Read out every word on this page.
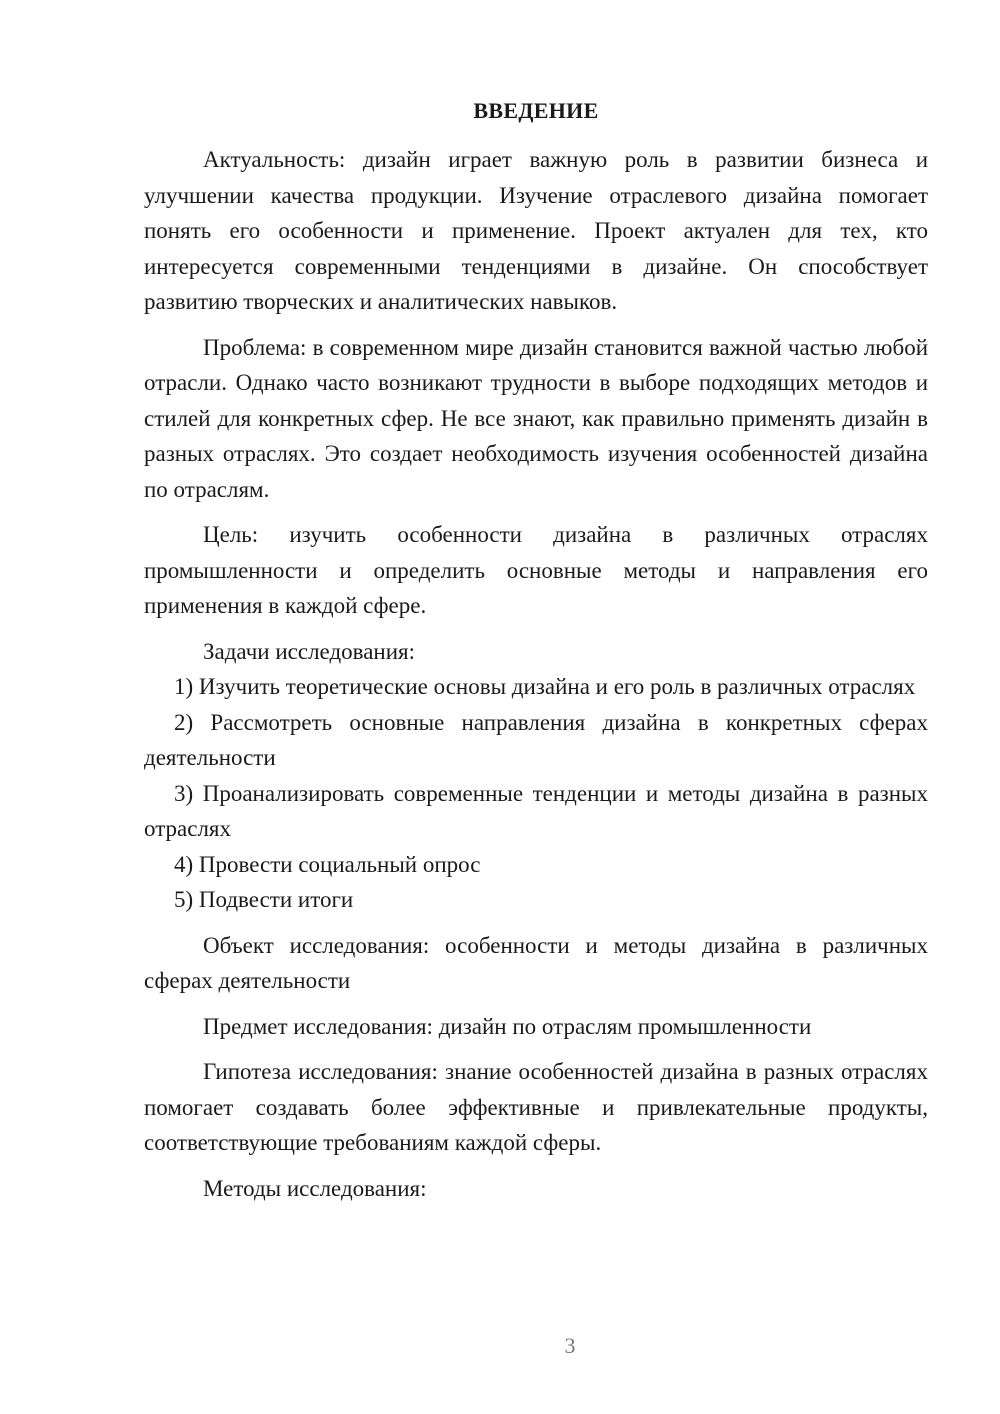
ВВЕДЕНИЕ

Актуальность: дизайн играет важную роль в развитии бизнеса и улучшении качества продукции. Изучение отраслевого дизайна помогает понять его особенности и применение. Проект актуален для тех, кто интересуется современными тенденциями в дизайне. Он способствует развитию творческих и аналитических навыков.

Проблема: в современном мире дизайн становится важной частью любой отрасли. Однако часто возникают трудности в выборе подходящих методов и стилей для конкретных сфер. Не все знают, как правильно применять дизайн в разных отраслях. Это создает необходимость изучения особенностей дизайна по отраслям.

Цель: изучить особенности дизайна в различных отраслях промышленности и определить основные методы и направления его применения в каждой сфере.

Задачи исследования:

1) Изучить теоретические основы дизайна и его роль в различных отраслях

2) Рассмотреть основные направления дизайна в конкретных сферах деятельности

3) Проанализировать современные тенденции и методы дизайна в разных отраслях

4) Провести социальный опрос

5) Подвести итоги

Объект исследования: особенности и методы дизайна в различных сферах деятельности

Предмет исследования: дизайн по отраслям промышленности

Гипотеза исследования: знание особенностей дизайна в разных отраслях помогает создавать более эффективные и привлекательные продукты, соответствующие требованиям каждой сферы.

Методы исследования:

3
